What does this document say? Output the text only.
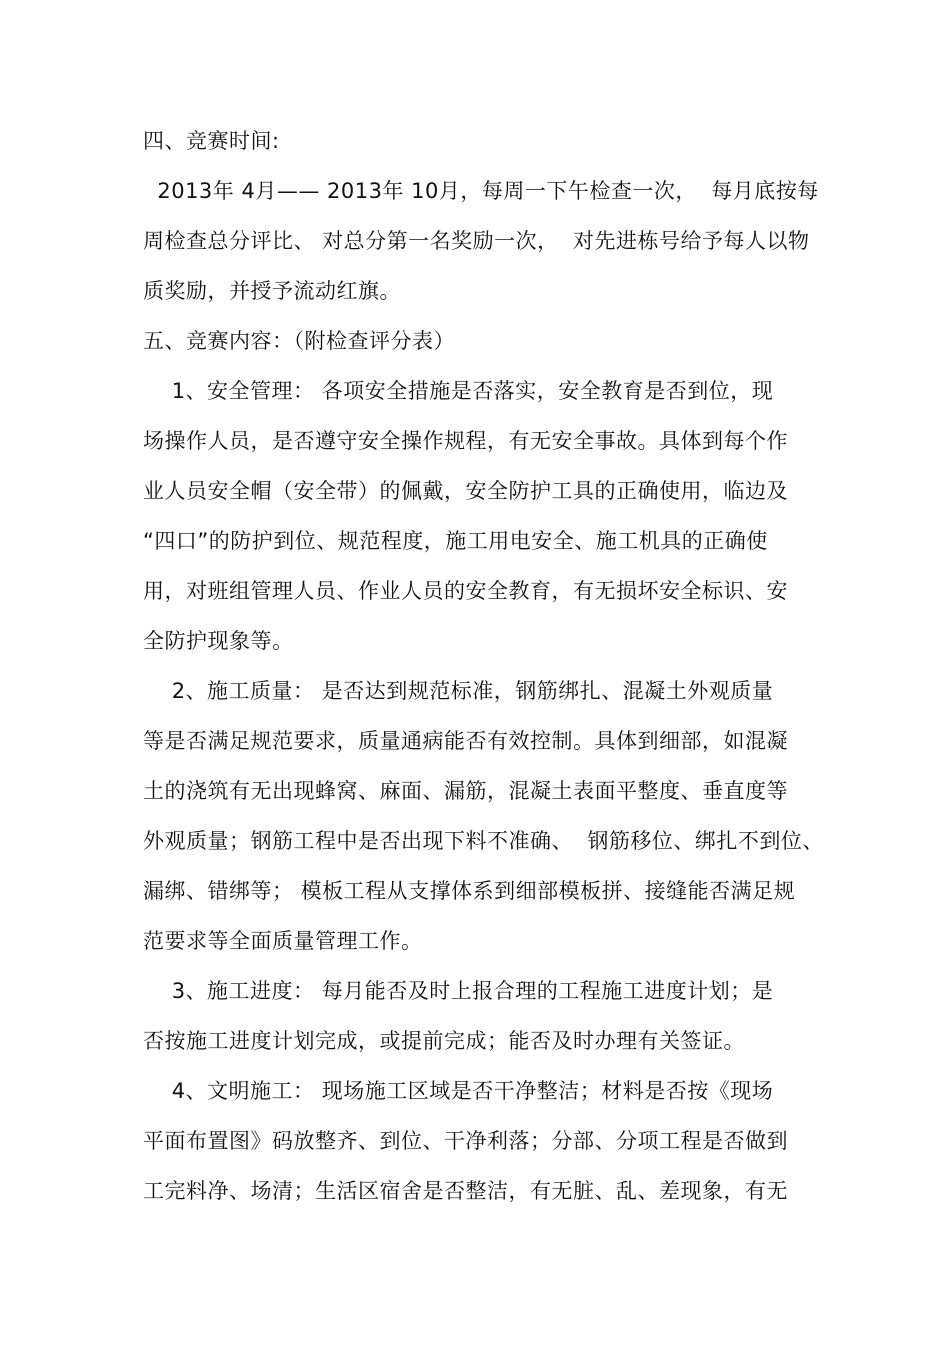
四、竞赛时间:
2013年 4月—— 2013年 10月，每周一下午检查一次，  每月底按每
周检查总分评比、 对总分第一名奖励一次，  对先进栋号给予每人以物
质奖励，并授予流动红旗。
五、竞赛内容：（附检查评分表）
1、安全管理： 各项安全措施是否落实，安全教育是否到位，现
场操作人员，是否遵守安全操作规程，有无安全事故。具体到每个作
业人员安全帽（安全带）的佩戴，安全防护工具的正确使用，临边及
“四口”的防护到位、规范程度，施工用电安全、施工机具的正确使
用，对班组管理人员、作业人员的安全教育，有无损坏安全标识、安
全防护现象等。
2、施工质量： 是否达到规范标准，钢筋绑扎、混凝土外观质量
等是否满足规范要求，质量通病能否有效控制。具体到细部，如混凝
土的浇筑有无出现蜂窝、麻面、漏筋，混凝土表面平整度、垂直度等
外观质量；钢筋工程中是否出现下料不准确、  钢筋移位、绑扎不到位、
漏绑、错绑等； 模板工程从支撑体系到细部模板拼、接缝能否满足规
范要求等全面质量管理工作。
3、施工进度： 每月能否及时上报合理的工程施工进度计划；是
否按施工进度计划完成，或提前完成；能否及时办理有关签证。
4、文明施工： 现场施工区域是否干净整洁；材料是否按《现场
平面布置图》码放整齐、到位、干净利落；分部、分项工程是否做到
工完料净、场清；生活区宿舍是否整洁，有无脏、乱、差现象，有无
